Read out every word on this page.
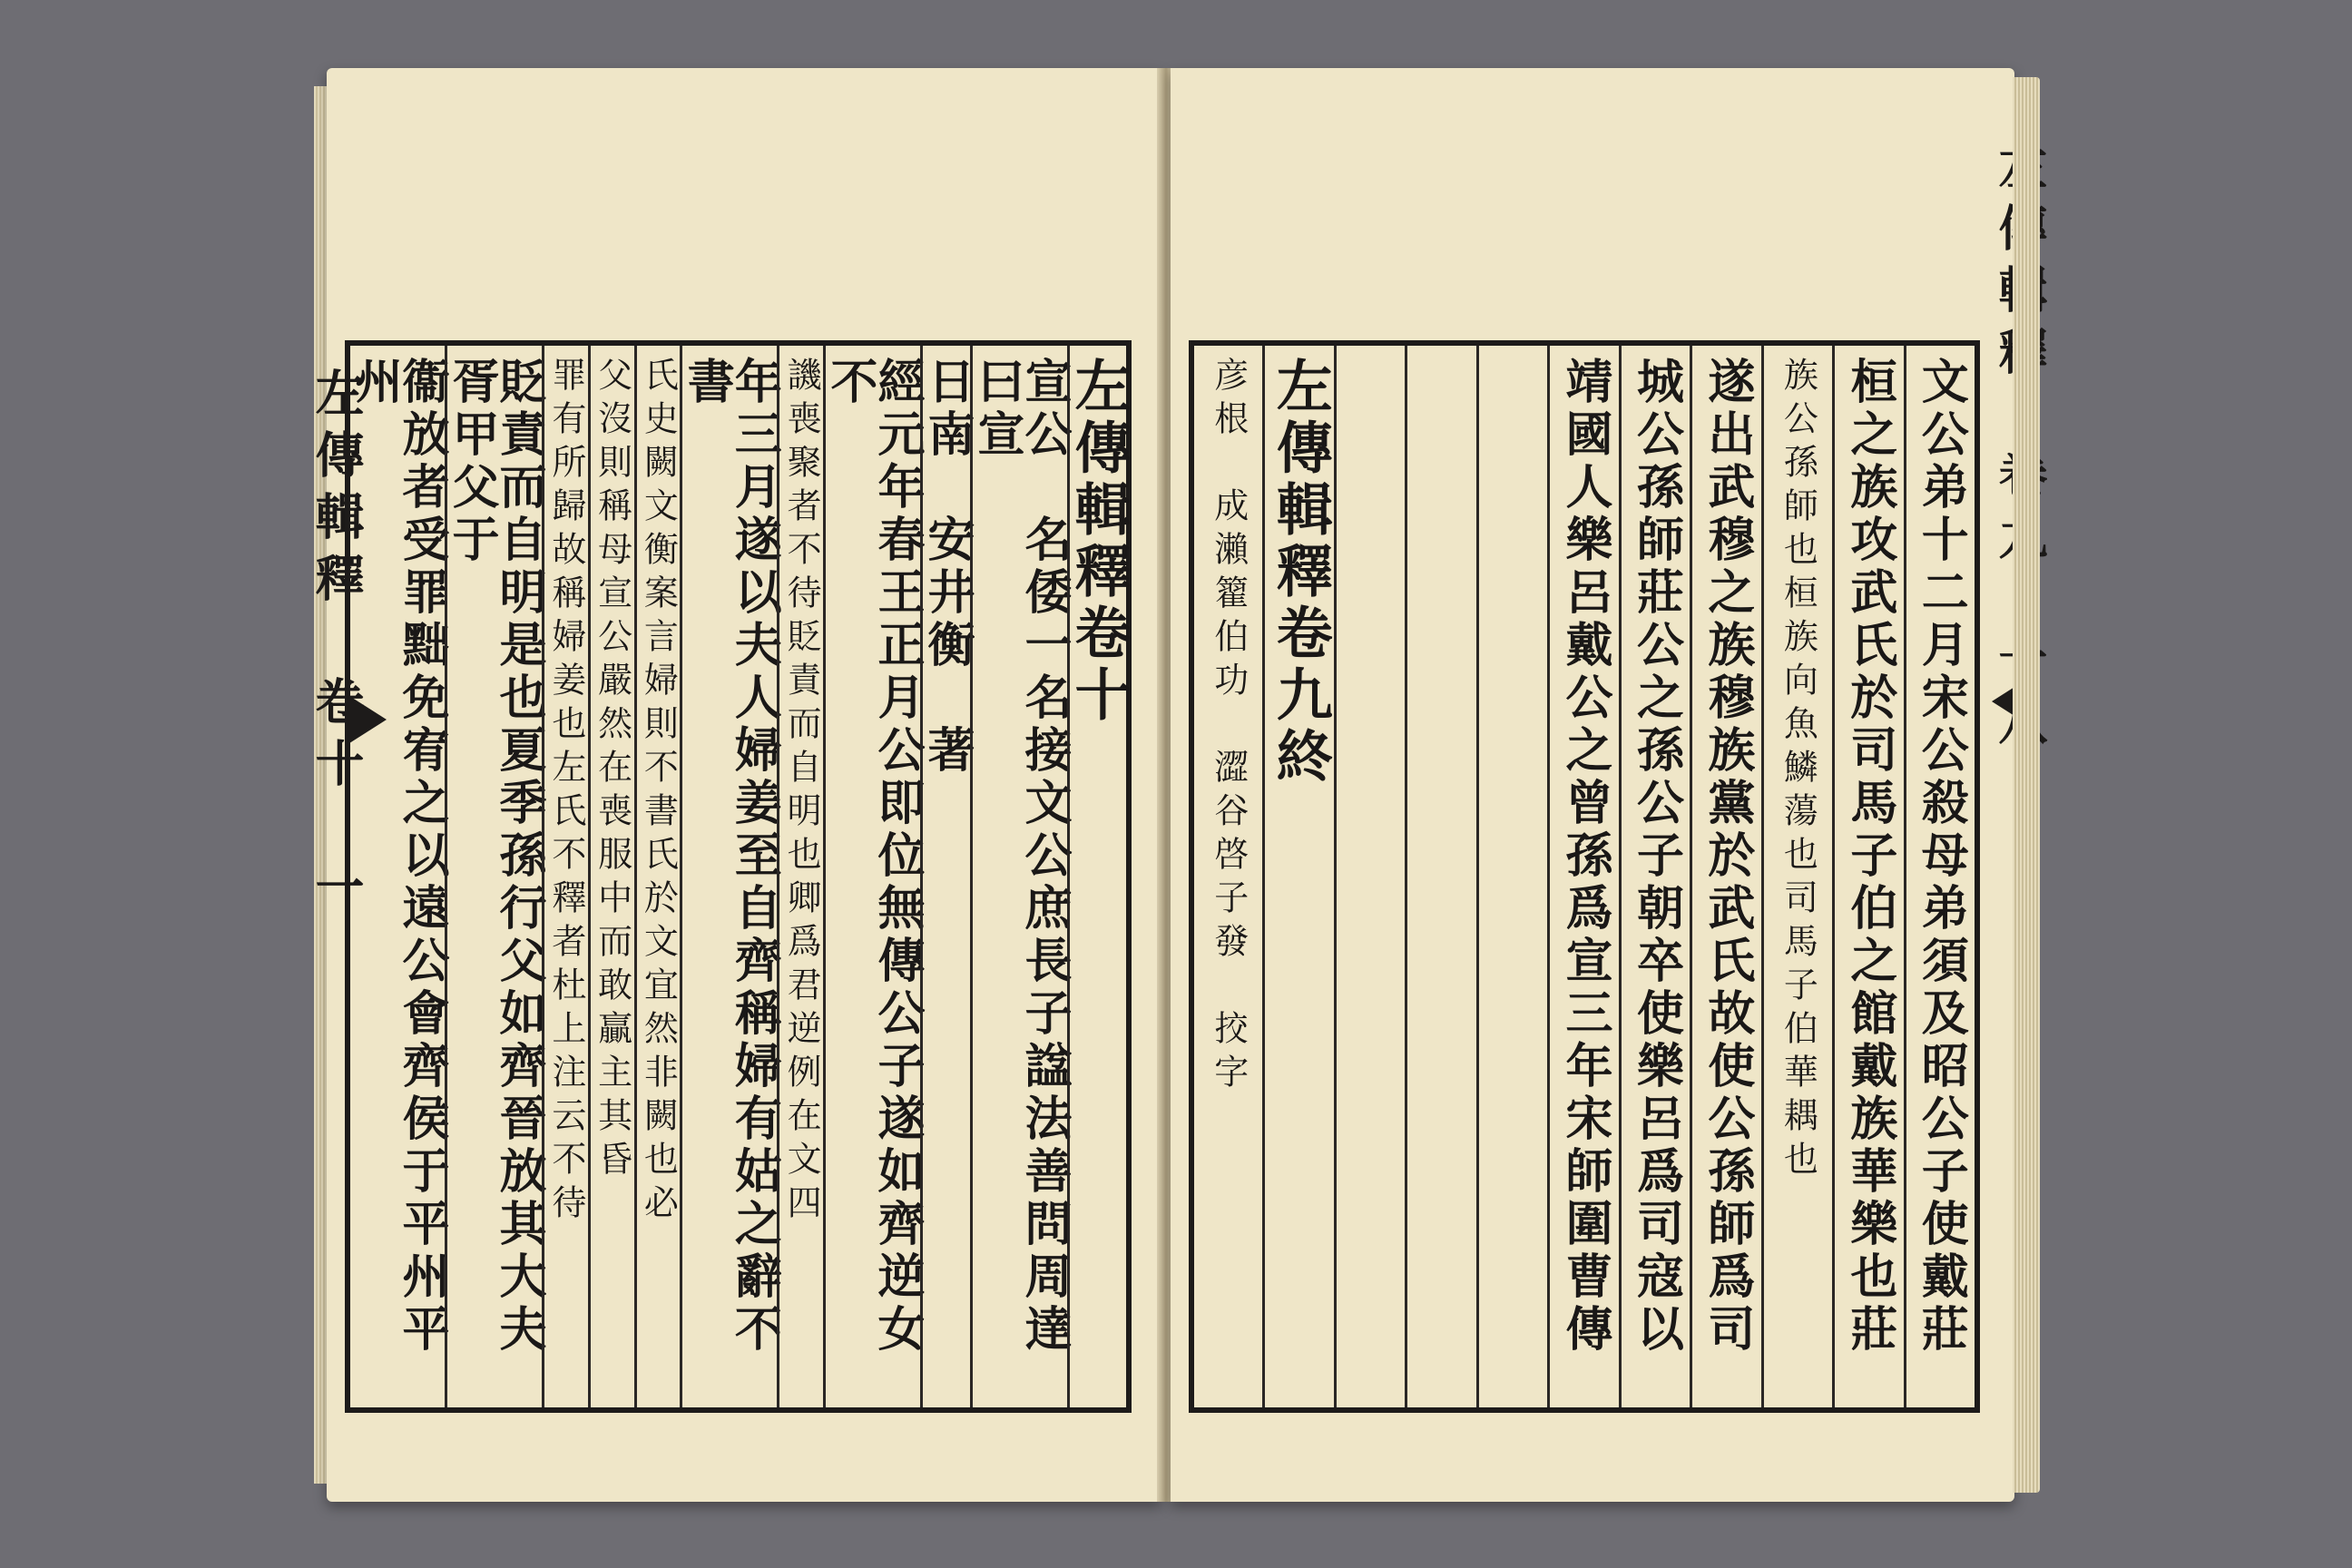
左傳輯釋　卷十　一	左傳輯釋卷十
宣公　名倭一名接文公庶長子諡法善問周達曰宣
日南　安井衡　著
經元年春王正月公即位無傳公子遂如齊逆女不
譏喪聚者不待貶責而自明也卿爲君逆例在文四
年三月遂以夫人婦姜至自齊稱婦有姑之辭不書
氏史闕文衡案言婦則不書氏於文宜然非闕也必
父沒則稱母宣公嚴然在喪服中而敢贏主其昏
罪有所歸故稱婦姜也左氏不釋者杜上注云不待
貶責而自明是也夏季孫行父如齊晉放其大夫胥甲父于
衞放者受罪黜免宥之以遠公會齊侯于平州平州	文公弟十二月宋公殺母弟須及昭公子使戴莊
桓之族攻武氏於司馬子伯之館戴族華樂也莊
族公孫師也桓族向魚鱗蕩也司馬子伯華耦也
遂出武穆之族穆族黨於武氏故使公孫師爲司
城公孫師莊公之孫公子朝卒使樂呂爲司寇以
靖國人樂呂戴公之曾孫爲宣三年宋師圍曹傳
左傳輯釋卷九終
彦根　成瀨籊伯功　澀谷啓子發　挍字
